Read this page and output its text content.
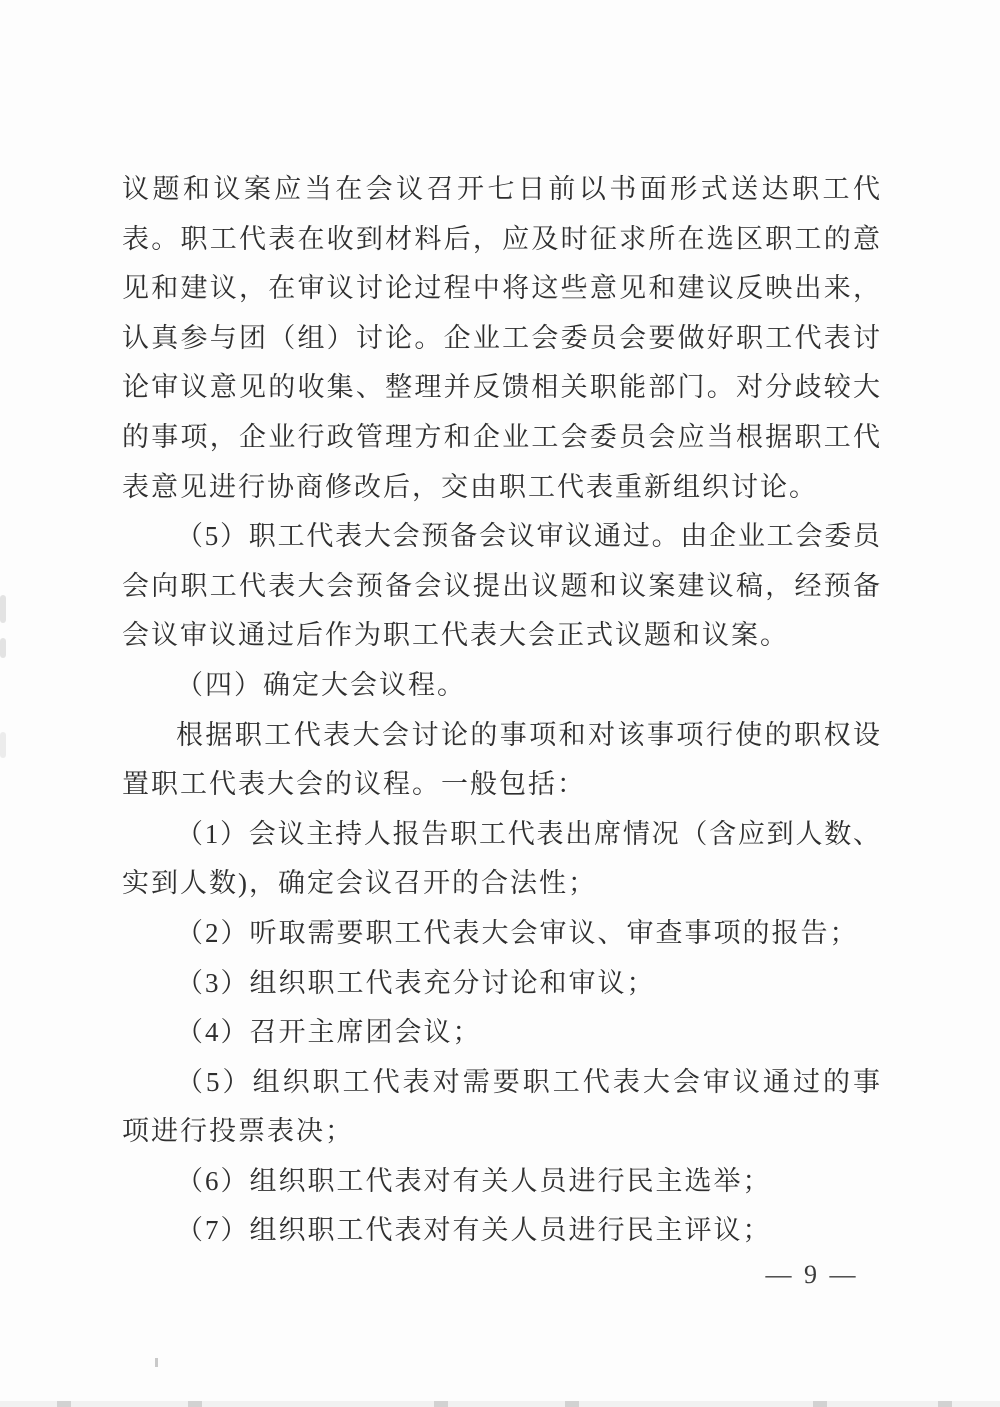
议题和议案应当在会议召开七日前以书面形式送达职工代
表。职工代表在收到材料后，应及时征求所在选区职工的意
见和建议，在审议讨论过程中将这些意见和建议反映出来，
认真参与团（组）讨论。企业工会委员会要做好职工代表讨
论审议意见的收集、整理并反馈相关职能部门。对分歧较大
的事项，企业行政管理方和企业工会委员会应当根据职工代
表意见进行协商修改后，交由职工代表重新组织讨论。
（5）职工代表大会预备会议审议通过。由企业工会委员
会向职工代表大会预备会议提出议题和议案建议稿，经预备
会议审议通过后作为职工代表大会正式议题和议案。
（四）确定大会议程。
根据职工代表大会讨论的事项和对该事项行使的职权设
置职工代表大会的议程。一般包括：
（1）会议主持人报告职工代表出席情况（含应到人数、
实到人数)，确定会议召开的合法性；
（2）听取需要职工代表大会审议、审查事项的报告；
（3）组织职工代表充分讨论和审议；
（4）召开主席团会议；
（5）组织职工代表对需要职工代表大会审议通过的事
项进行投票表决；
（6）组织职工代表对有关人员进行民主选举；
（7）组织职工代表对有关人员进行民主评议；
— 9 —
